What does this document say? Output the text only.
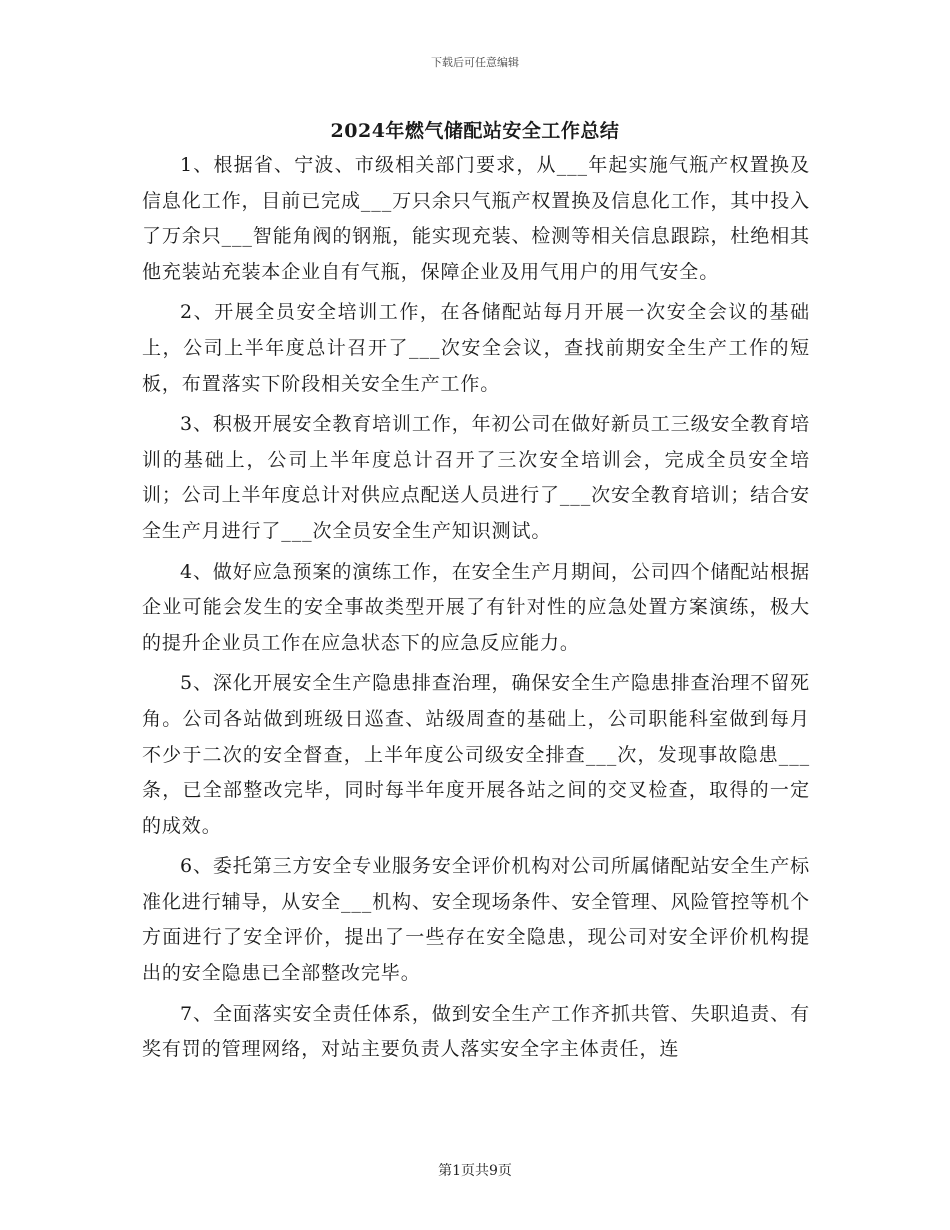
下载后可任意编辑
2024年燃气储配站安全工作总结

1、根据省、宁波、市级相关部门要求，从___年起实施气瓶产权置换及信息化工作，目前已完成___万只余只气瓶产权置换及信息化工作，其中投入了万余只___智能角阀的钢瓶，能实现充装、检测等相关信息跟踪，杜绝相其他充装站充装本企业自有气瓶，保障企业及用气用户的用气安全。

2、开展全员安全培训工作，在各储配站每月开展一次安全会议的基础上，公司上半年度总计召开了___次安全会议，查找前期安全生产工作的短板，布置落实下阶段相关安全生产工作。

3、积极开展安全教育培训工作，年初公司在做好新员工三级安全教育培训的基础上，公司上半年度总计召开了三次安全培训会，完成全员安全培训；公司上半年度总计对供应点配送人员进行了___次安全教育培训；结合安全生产月进行了___次全员安全生产知识测试。

4、做好应急预案的演练工作，在安全生产月期间，公司四个储配站根据企业可能会发生的安全事故类型开展了有针对性的应急处置方案演练，极大的提升企业员工作在应急状态下的应急反应能力。

5、深化开展安全生产隐患排查治理，确保安全生产隐患排查治理不留死角。公司各站做到班级日巡查、站级周查的基础上，公司职能科室做到每月不少于二次的安全督查，上半年度公司级安全排查___次，发现事故隐患___条，已全部整改完毕，同时每半年度开展各站之间的交叉检查，取得的一定的成效。

6、委托第三方安全专业服务安全评价机构对公司所属储配站安全生产标准化进行辅导，从安全___机构、安全现场条件、安全管理、风险管控等机个方面进行了安全评价，提出了一些存在安全隐患，现公司对安全评价机构提出的安全隐患已全部整改完毕。

7、全面落实安全责任体系，做到安全生产工作齐抓共管、失职追责、有奖有罚的管理网络，对站主要负责人落实安全字主体责任，连

第1页共9页
